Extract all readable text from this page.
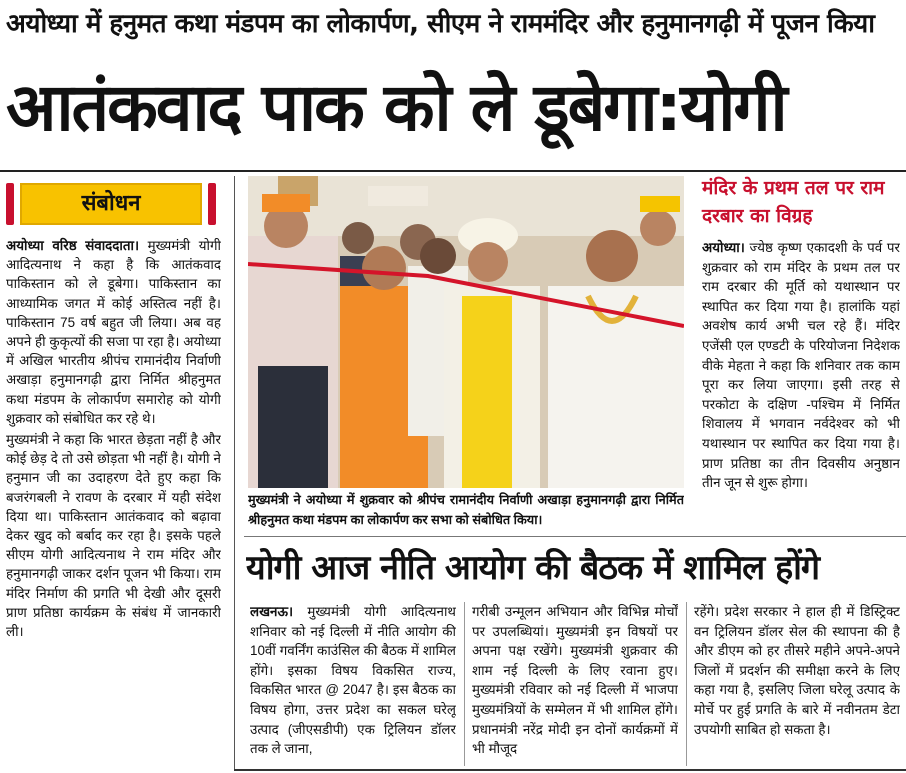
अयोध्या में हनुमत कथा मंडपम का लोकार्पण, सीएम ने राममंदिर और हनुमानगढ़ी में पूजन किया
आतंकवाद पाक को ले डूबेगा:योगी
संबोधन

अयोध्या वरिष्ठ संवाददाता। मुख्यमंत्री योगी आदित्यनाथ ने कहा है कि आतंकवाद पाकिस्तान को ले डूबेगा। पाकिस्तान का आध्यामिक जगत में कोई अस्तित्व नहीं है। पाकिस्तान 75 वर्ष बहुत जी लिया। अब वह अपने ही कुकृत्यों की सजा पा रहा है। अयोध्या में अखिल भारतीय श्रीपंच रामानंदीय निर्वाणी अखाड़ा हनुमानगढ़ी द्वारा निर्मित श्रीहनुमत कथा मंडपम के लोकार्पण समारोह को योगी शुक्रवार को संबोधित कर रहे थे।

मुख्यमंत्री ने कहा कि भारत छेड़ता नहीं है और कोई छेड़ दे तो उसे छोड़ता भी नहीं है। योगी ने हनुमान जी का उदाहरण देते हुए कहा कि बजरंगबली ने रावण के दरबार में यही संदेश दिया था। पाकिस्तान आतंकवाद को बढ़ावा देकर खुद को बर्बाद कर रहा है। इसके पहले सीएम योगी आदित्यनाथ ने राम मंदिर और हनुमानगढ़ी जाकर दर्शन पूजन भी किया। राम मंदिर निर्माण की प्रगति भी देखी और दूसरी प्राण प्रतिष्ठा कार्यक्रम के संबंध में जानकारी ली।

मुख्यमंत्री ने अयोध्या में शुक्रवार को श्रीपंच रामानंदीय निर्वाणी अखाड़ा हनुमानगढ़ी द्वारा निर्मित श्रीहनुमत कथा मंडपम का लोकार्पण कर सभा को संबोधित किया।
मंदिर के प्रथम तल पर राम दरबार का विग्रह
अयोध्या। ज्येष्ठ कृष्ण एकादशी के पर्व पर शुक्रवार को राम मंदिर के प्रथम तल पर राम दरबार की मूर्ति को यथास्थान पर स्थापित कर दिया गया है। हालांकि यहां अवशेष कार्य अभी चल रहे हैं। मंदिर एजेंसी एल एण्डटी के परियोजना निदेशक वीके मेहता ने कहा कि शनिवार तक काम पूरा कर लिया जाएगा। इसी तरह से परकोटा के दक्षिण -पश्चिम में निर्मित शिवालय में भगवान नर्वदेश्वर को भी यथास्थान पर स्थापित कर दिया गया है। प्राण प्रतिष्ठा का तीन दिवसीय अनुष्ठान तीन जून से शुरू होगा।
योगी आज नीति आयोग की बैठक में शामिल होंगे
लखनऊ। मुख्यमंत्री योगी आदित्यनाथ शनिवार को नई दिल्ली में नीति आयोग की 10वीं गवर्निंग काउंसिल की बैठक में शामिल होंगे। इसका विषय विकसित राज्य, विकसित भारत @ 2047 है। इस बैठक का विषय होगा, उत्तर प्रदेश का सकल घरेलू उत्पाद (जीएसडीपी) एक ट्रिलियन डॉलर तक ले जाना,
गरीबी उन्मूलन अभियान और विभिन्न मोर्चों पर उपलब्धियां। मुख्यमंत्री इन विषयों पर अपना पक्ष रखेंगे। मुख्यमंत्री शुक्रवार की शाम नई दिल्ली के लिए रवाना हुए। मुख्यमंत्री रविवार को नई दिल्ली में भाजपा मुख्यमंत्रियों के सम्मेलन में भी शामिल होंगे। प्रधानमंत्री नरेंद्र मोदी इन दोनों कार्यक्रमों में भी मौजूद
रहेंगे। प्रदेश सरकार ने हाल ही में डिस्ट्रिक्ट वन ट्रिलियन डॉलर सेल की स्थापना की है और डीएम को हर तीसरे महीने अपने-अपने जिलों में प्रदर्शन की समीक्षा करने के लिए कहा गया है, इसलिए जिला घरेलू उत्पाद के मोर्चे पर हुई प्रगति के बारे में नवीनतम डेटा उपयोगी साबित हो सकता है।
